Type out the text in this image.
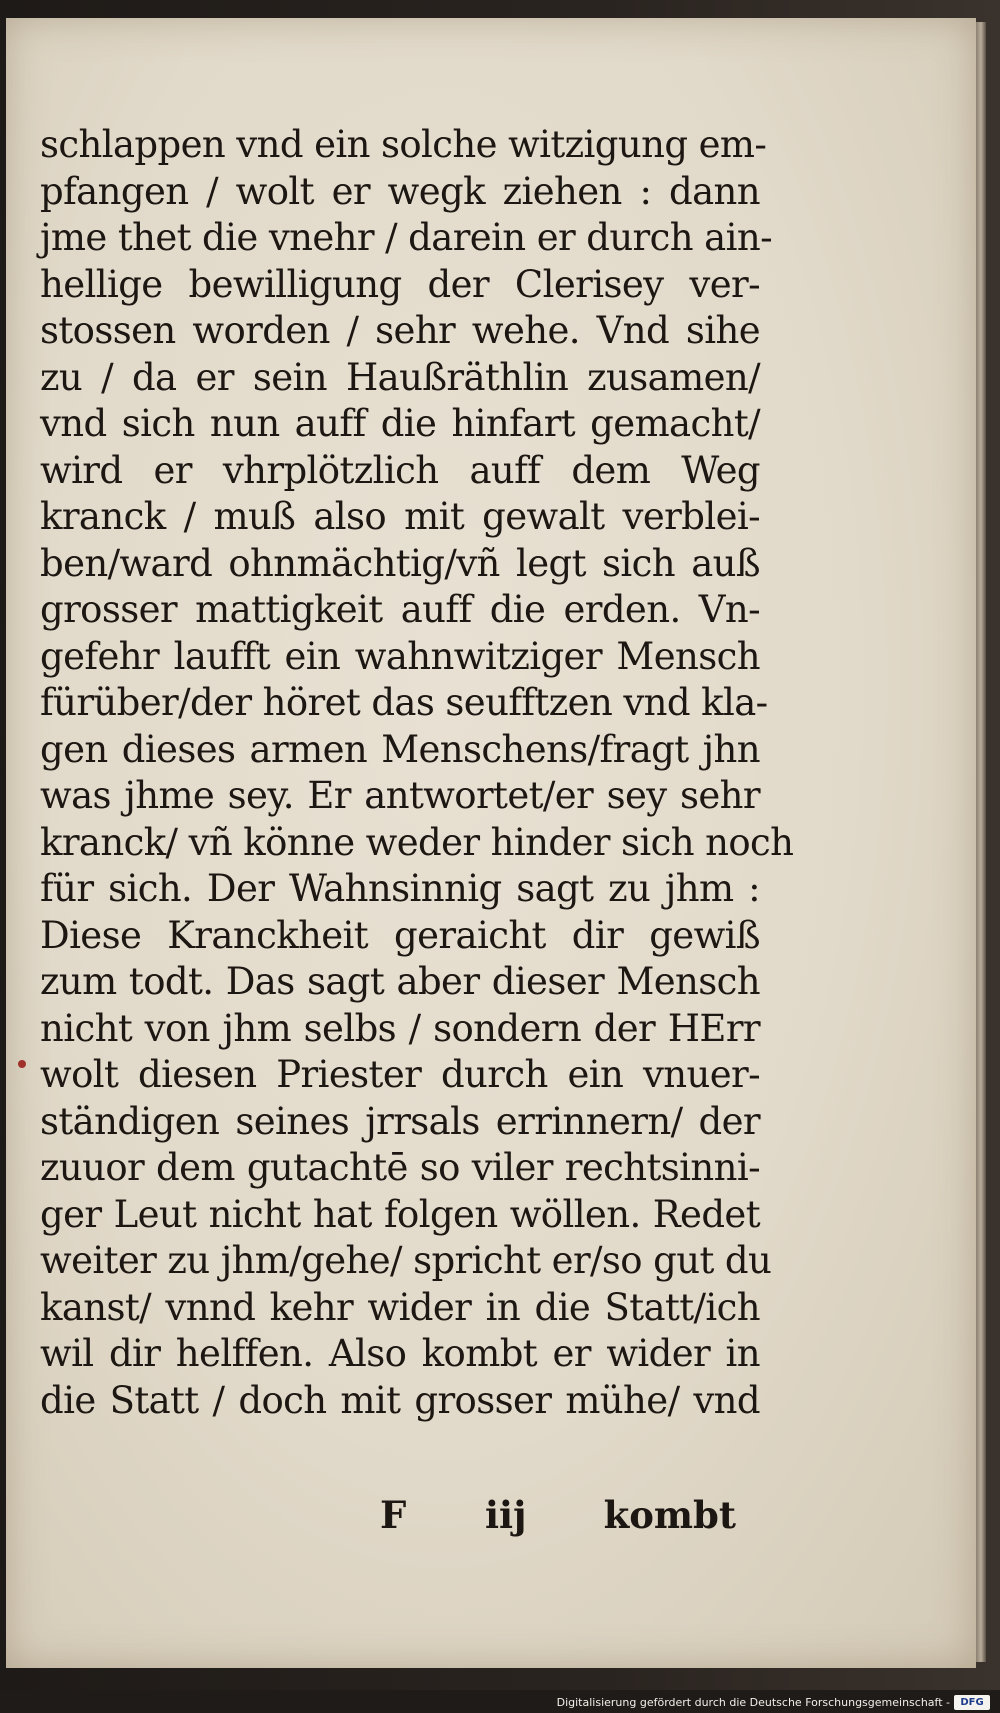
schlappen vnd ein solche witzigung em-
pfangen / wolt er wegk ziehen : dann
jme thet die vnehr / darein er durch ain-
hellige bewilligung der Clerisey ver-
stossen worden / sehr wehe. Vnd sihe
zu / da er sein Haußräthlin zusamen/
vnd sich nun auff die hinfart gemacht/
wird er vhrplötzlich auff dem Weg
kranck / muß also mit gewalt verblei-
ben/ward ohnmächtig/vñ legt sich auß
grosser mattigkeit auff die erden. Vn-
gefehr laufft ein wahnwitziger Mensch
fürüber/der höret das seufftzen vnd kla-
gen dieses armen Menschens/fragt jhn
was jhme sey. Er antwortet/er sey sehr
kranck/ vñ könne weder hinder sich noch
für sich. Der Wahnsinnig sagt zu jhm :
Diese Kranckheit geraicht dir gewiß
zum todt. Das sagt aber dieser Mensch
nicht von jhm selbs / sondern der HErr
wolt diesen Priester durch ein vnuer-
ständigen seines jrrsals errinnern/ der
zuuor dem gutachtē so viler rechtsinni-
ger Leut nicht hat folgen wöllen. Redet
weiter zu jhm/gehe/ spricht er/so gut du
kanst/ vnnd kehr wider in die Statt/ich
wil dir helffen. Also kombt er wider in
die Statt / doch mit grosser mühe/ vnd
F iij kombt
Digitalisierung gefördert durch die Deutsche Forschungsgemeinschaft -	DFG
